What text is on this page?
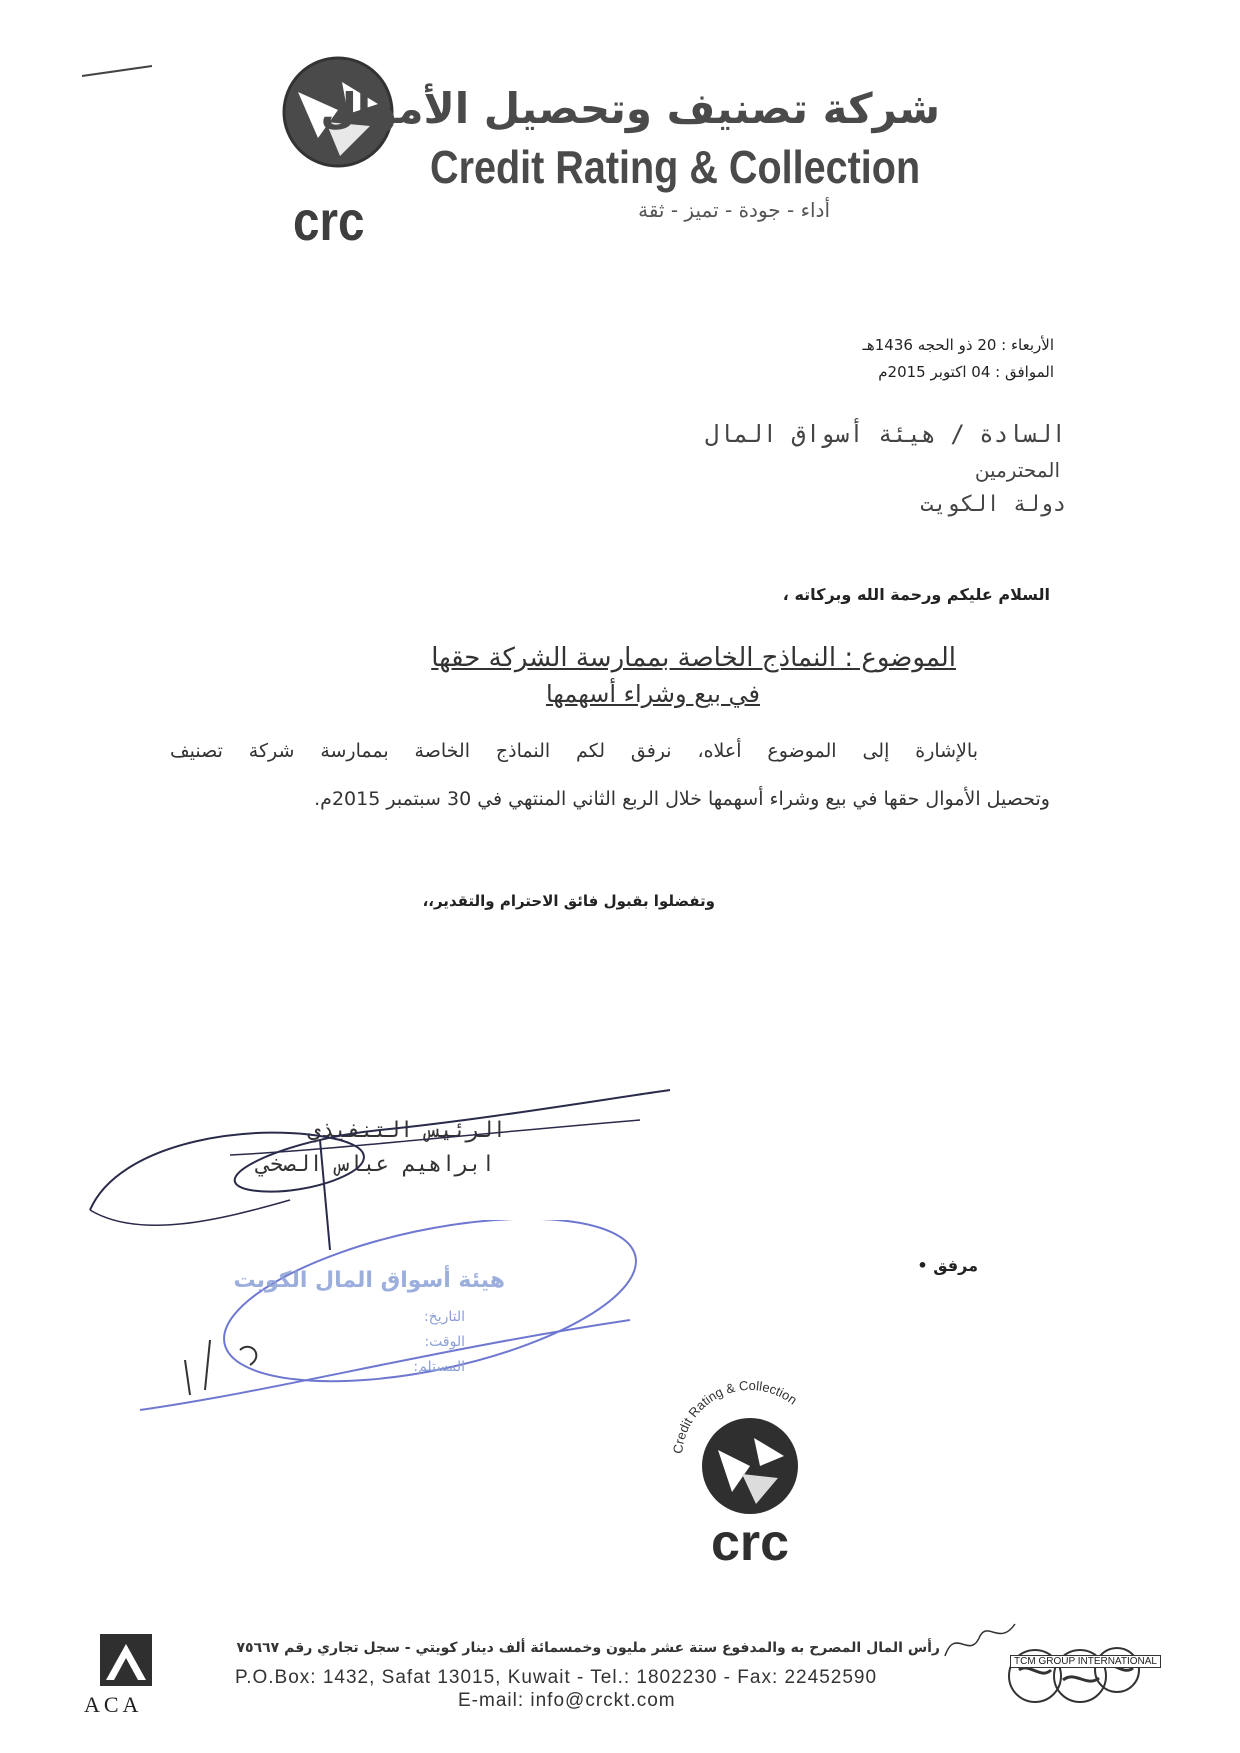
crc
شركة تصنيف وتحصيل الأموال
Credit Rating & Collection
أداء - جودة - تميز - ثقة
الأربعاء : 20 ذو الحجه 1436هـ
الموافق : 04 اكتوبر 2015م
السادة / هيئة أسواق المال
المحترمين
دولة الكويت
السلام عليكم ورحمة الله وبركاته ،
الموضوع : النماذج الخاصة بممارسة الشركة حقها
في بيع وشراء أسهمها
بالإشارة إلى الموضوع أعلاه، نرفق لكم النماذج الخاصة بممارسة شركة تصنيف
وتحصيل الأموال حقها في بيع وشراء أسهمها خلال الربع الثاني المنتهي في 30 سبتمبر 2015م.
وتفضلوا بقبول فائق الاحترام والتقدير،،
الرئيس التنفيذي
ابراهيم عباس الصخي
مرفق •
هيئة أسواق المال الكويت
التاريخ:
الوقت:
المستلم:
Credit Rating & Collection
crc
ACA
رأس المال المصرح به والمدفوع ستة عشر مليون وخمسمائة ألف دينار كويتي - سجل تجاري رقم ٧٥٦٦٧
P.O.Box: 1432, Safat 13015, Kuwait - Tel.: 1802230 - Fax: 22452590
E-mail: info@crckt.com
TCM GROUP INTERNATIONAL
